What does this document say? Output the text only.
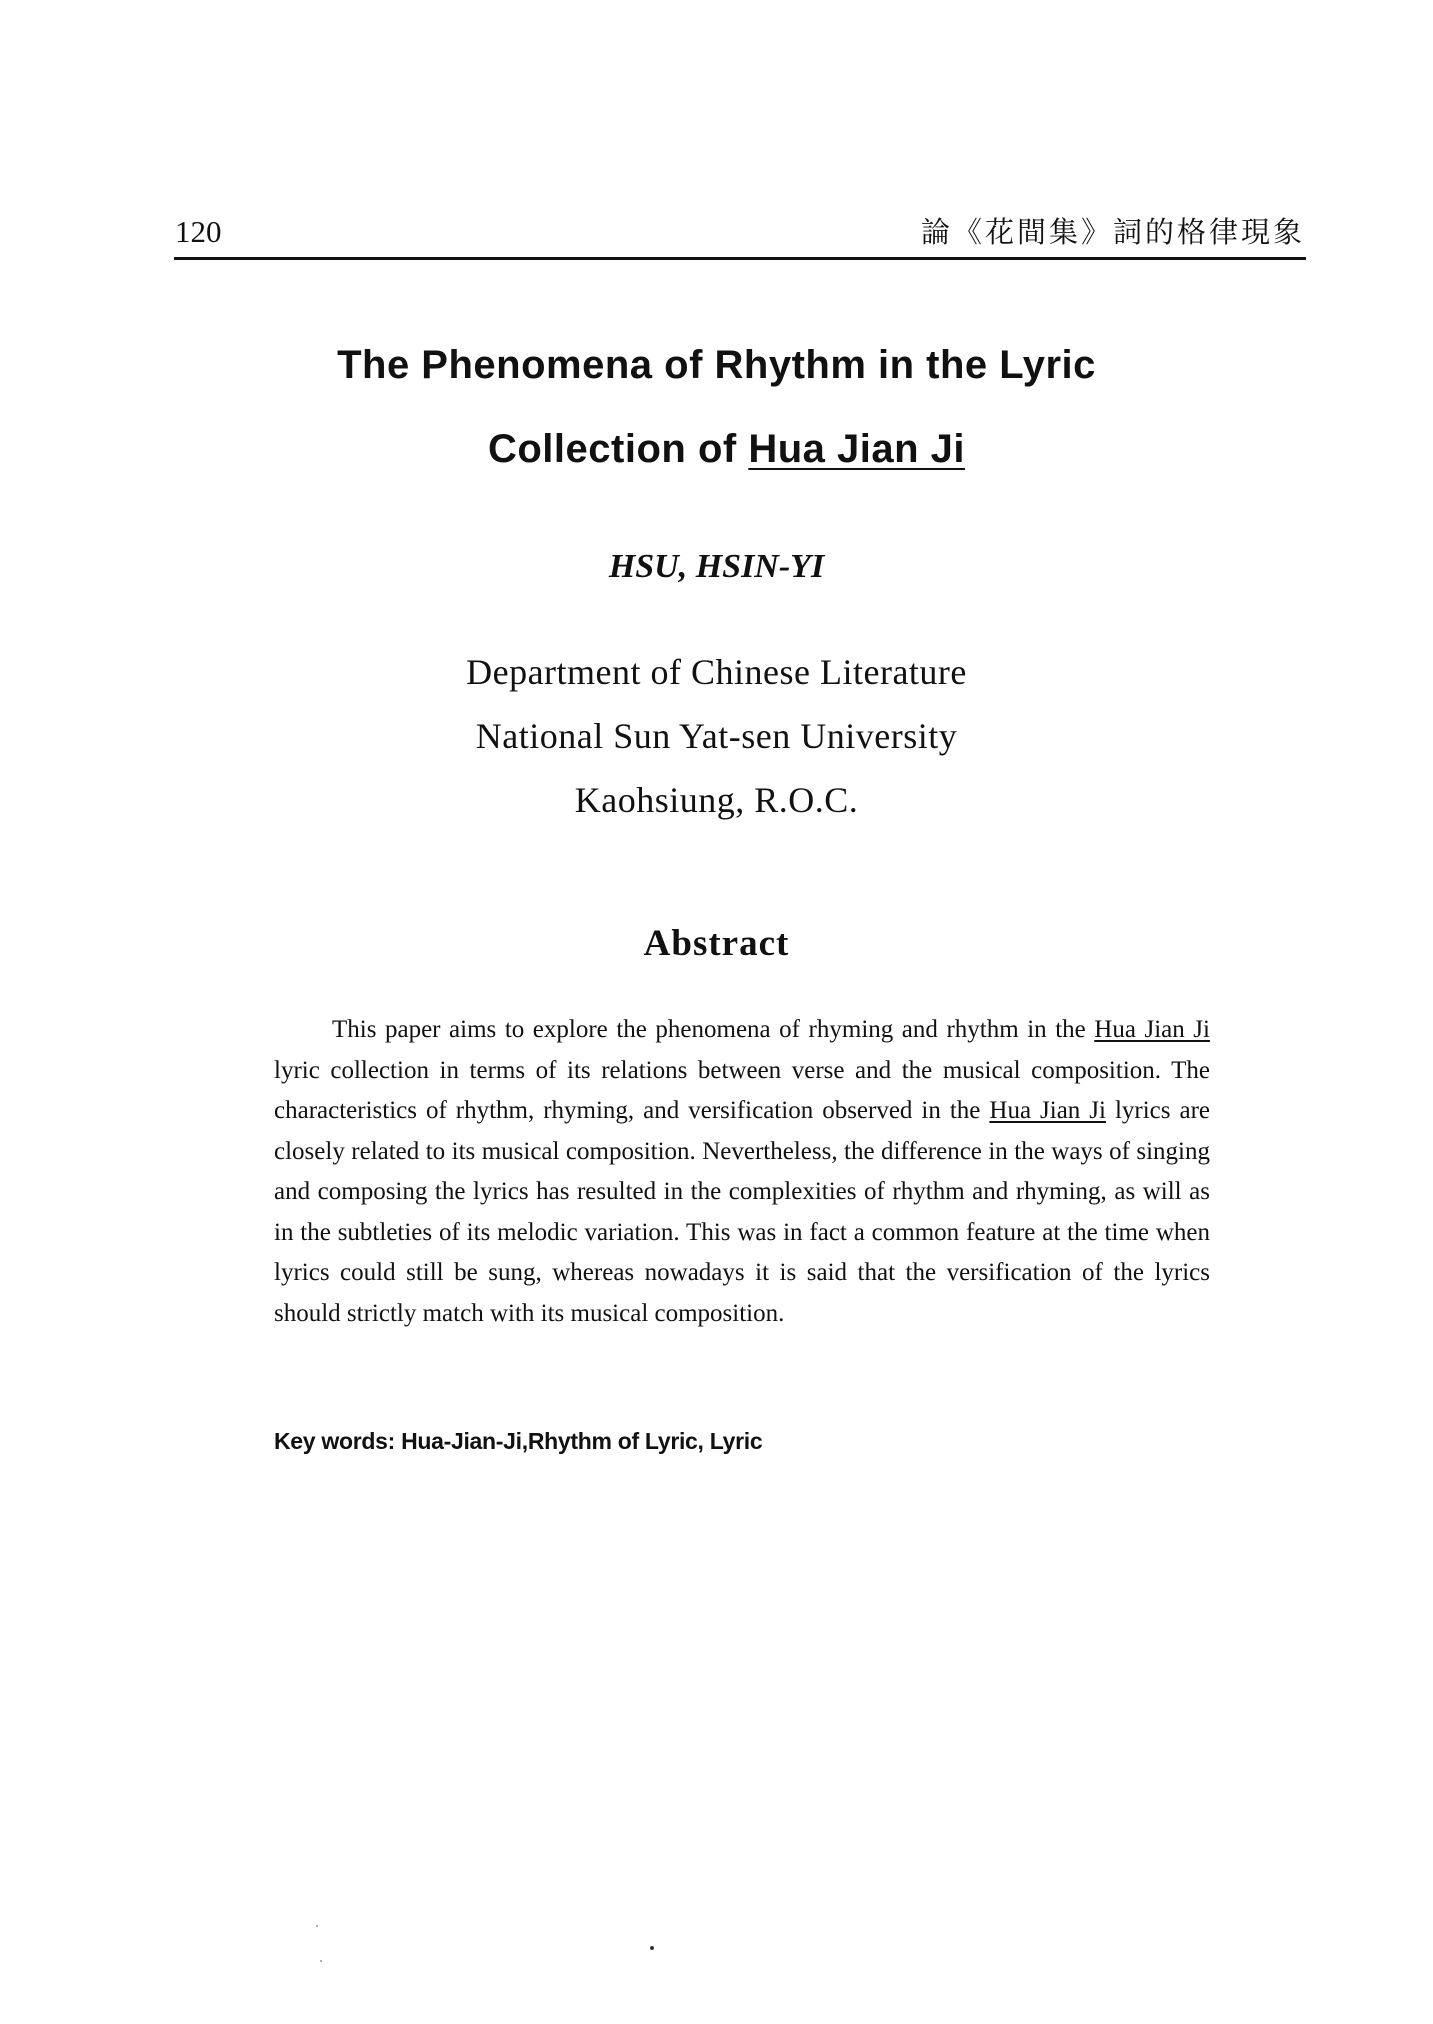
120	論《花間集》詞的格律現象
The Phenomena of Rhythm in the Lyric
Collection of Hua Jian Ji
HSU, HSIN-YI
Department of Chinese Literature
National Sun Yat-sen University
Kaohsiung, R.O.C.
Abstract
This paper aims to explore the phenomena of rhyming and rhythm in the Hua Jian Ji lyric collection in terms of its relations between verse and the musical composition. The characteristics of rhythm, rhyming, and versification observed in the Hua Jian Ji lyrics are closely related to its musical composition. Nevertheless, the difference in the ways of singing and composing the lyrics has resulted in the complexities of rhythm and rhyming, as will as in the subtleties of its melodic variation. This was in fact a common feature at the time when lyrics could still be sung, whereas nowadays it is said that the versification of the lyrics should strictly match with its musical composition.
Key words: Hua-Jian-Ji,Rhythm of Lyric, Lyric
